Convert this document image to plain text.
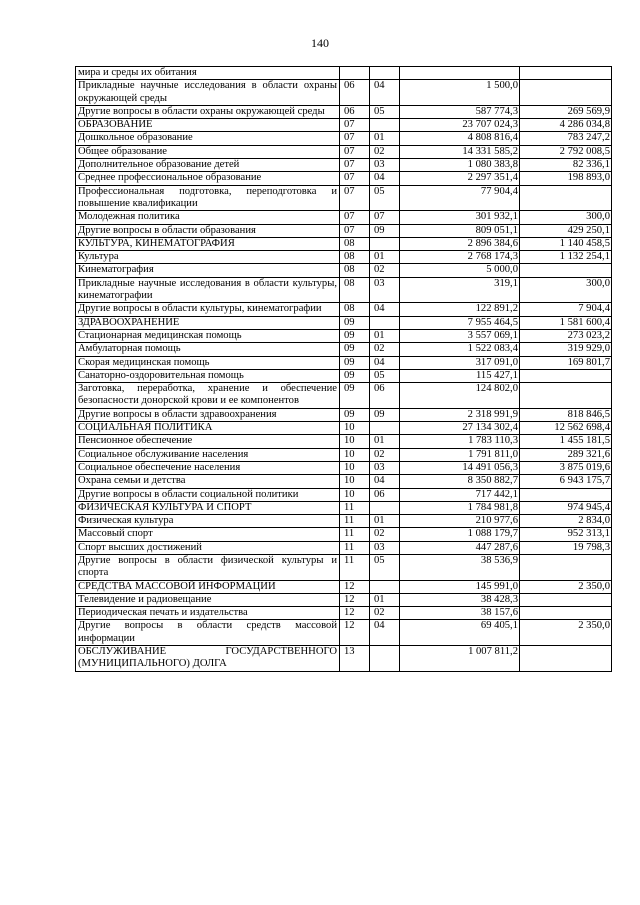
140
мира и среды их обитания				
Прикладные научные исследования в области охраны окружающей среды	06	04	1 500,0	
Другие вопросы в области охраны окружающей среды	06	05	587 774,3	269 569,9
ОБРАЗОВАНИЕ	07		23 707 024,3	4 286 034,8
Дошкольное образование	07	01	4 808 816,4	783 247,2
Общее образование	07	02	14 331 585,2	2 792 008,5
Дополнительное образование детей	07	03	1 080 383,8	82 336,1
Среднее профессиональное образование	07	04	2 297 351,4	198 893,0
Профессиональная подготовка, переподготовка и повышение квалификации	07	05	77 904,4	
Молодежная политика	07	07	301 932,1	300,0
Другие вопросы в области образования	07	09	809 051,1	429 250,1
КУЛЬТУРА, КИНЕМАТОГРАФИЯ	08		2 896 384,6	1 140 458,5
Культура	08	01	2 768 174,3	1 132 254,1
Кинематография	08	02	5 000,0	
Прикладные научные исследования в области культуры, кинематографии	08	03	319,1	300,0
Другие вопросы в области культуры, кинематографии	08	04	122 891,2	7 904,4
ЗДРАВООХРАНЕНИЕ	09		7 955 464,5	1 581 600,4
Стационарная медицинская помощь	09	01	3 557 069,1	273 023,2
Амбулаторная помощь	09	02	1 522 083,4	319 929,0
Скорая медицинская помощь	09	04	317 091,0	169 801,7
Санаторно-оздоровительная помощь	09	05	115 427,1	
Заготовка, переработка, хранение и обеспечение безопасности донорской крови и ее компонентов	09	06	124 802,0	
Другие вопросы в области здравоохранения	09	09	2 318 991,9	818 846,5
СОЦИАЛЬНАЯ ПОЛИТИКА	10		27 134 302,4	12 562 698,4
Пенсионное обеспечение	10	01	1 783 110,3	1 455 181,5
Социальное обслуживание населения	10	02	1 791 811,0	289 321,6
Социальное обеспечение населения	10	03	14 491 056,3	3 875 019,6
Охрана семьи и детства	10	04	8 350 882,7	6 943 175,7
Другие вопросы в области социальной политики	10	06	717 442,1	
ФИЗИЧЕСКАЯ КУЛЬТУРА И СПОРТ	11		1 784 981,8	974 945,4
Физическая культура	11	01	210 977,6	2 834,0
Массовый спорт	11	02	1 088 179,7	952 313,1
Спорт высших достижений	11	03	447 287,6	19 798,3
Другие вопросы в области физической культуры и спорта	11	05	38 536,9	
СРЕДСТВА МАССОВОЙ ИНФОРМАЦИИ	12		145 991,0	2 350,0
Телевидение и радиовещание	12	01	38 428,3	
Периодическая печать и издательства	12	02	38 157,6	
Другие вопросы в области средств массовой информации	12	04	69 405,1	2 350,0
ОБСЛУЖИВАНИЕ ГОСУДАРСТВЕННОГО (МУНИЦИПАЛЬНОГО) ДОЛГА	13		1 007 811,2	
